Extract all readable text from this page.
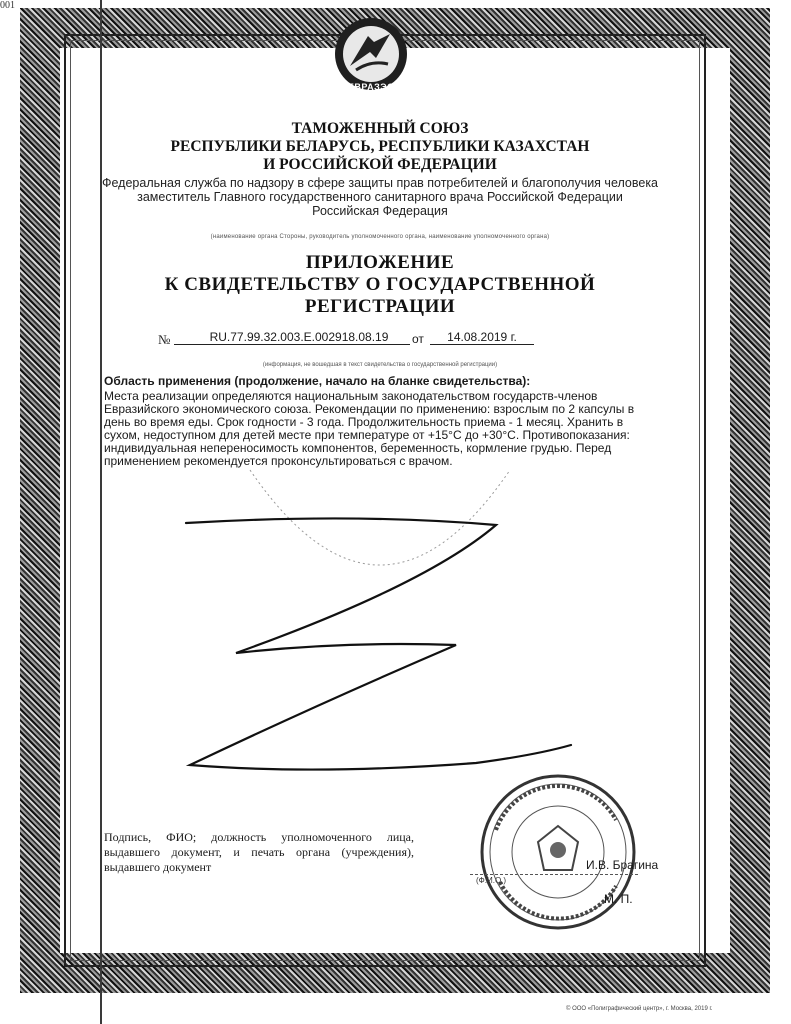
001
ЕВРАЗЭС
ТАМОЖЕННЫЙ СОЮЗ
РЕСПУБЛИКИ БЕЛАРУСЬ, РЕСПУБЛИКИ КАЗАХСТАН
И РОССИЙСКОЙ ФЕДЕРАЦИИ
Федеральная служба по надзору в сфере защиты прав потребителей и благополучия человека
заместитель Главного государственного санитарного врача Российской Федерации
Российская Федерация
(наименование органа Стороны, руководитель уполномоченного органа, наименование уполномоченного органа)
ПРИЛОЖЕНИЕ
К СВИДЕТЕЛЬСТВУ О ГОСУДАРСТВЕННОЙ РЕГИСТРАЦИИ
№	RU.77.99.32.003.E.002918.08.19	от	14.08.2019 г.
(информация, не вошедшая в текст свидетельства о государственной регистрации)
Область применения (продолжение, начало на бланке свидетельства):
Места реализации определяются национальным законодательством государств-членов Евразийского экономического союза. Рекомендации по применению: взрослым по 2 капсулы в день во время еды. Срок годности - 3 года. Продолжительность приема - 1 месяц. Хранить в сухом, недоступном для детей месте при температуре от +15°С до +30°С. Противопоказания: индивидуальная непереносимость компонентов, беременность, кормление грудью. Перед применением рекомендуется проконсультироваться с врачом.
Подпись, ФИО; должность уполномоченного лица, выдавшего документ, и печать органа (учреждения), выдавшего документ	И.В. Брагина
(Ф.И.О.)
М. П.
© ООО «Полиграфический центр», г. Москва, 2019 г.
